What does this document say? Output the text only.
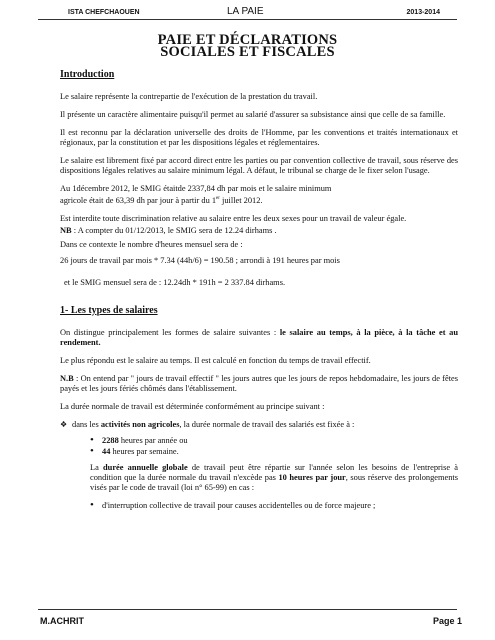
ISTA CHEFCHAOUEN	LA PAIE	2013-2014
PAIE ET DÉCLARATIONS
SOCIALES ET FISCALES
Introduction

Le salaire représente la contrepartie de l'exécution de la prestation du travail.

Il présente un caractère alimentaire puisqu'il permet au salarié d'assurer sa subsistance ainsi que celle de sa famille.

Il est reconnu par la déclaration universelle des droits de l'Homme, par les conventions et traités internationaux et régionaux, par la constitution et par les dispositions légales et réglementaires.

Le salaire est librement fixé par accord direct entre les parties ou par convention collective de travail, sous réserve des dispositions légales relatives au salaire minimum légal. A défaut, le tribunal se charge de le fixer selon l'usage.

Au 1décembre 2012, le SMIG étaitde 2337,84 dh par mois et le salaire minimum
agricole était de 63,39 dh par jour à partir du 1er juillet 2012.

Est interdite toute discrimination relative au salaire entre les deux sexes pour un travail de valeur égale.

NB : A compter du 01/12/2013, le SMIG sera de 12.24 dirhams .

Dans ce contexte le nombre d'heures mensuel sera de :

26 jours de travail par mois * 7.34 (44h/6) = 190.58 ; arrondi à 191 heures par mois

et le SMIG mensuel sera de : 12.24dh * 191h = 2 337.84 dirhams.

1- Les types de salaires

On distingue principalement les formes de salaire suivantes : le salaire au temps, à la pièce, à la tâche et au rendement.

Le plus répondu est le salaire au temps. Il est calculé en fonction du temps de travail effectif.

N.B : On entend par " jours de travail effectif " les jours autres que les jours de repos hebdomadaire, les jours de fêtes payés et les jours fériés chômés dans l'établissement.

La durée normale de travail est déterminée conformément au principe suivant :

❖ dans les activités non agricoles, la durée normale de travail des salariés est fixée à :
• 2288 heures par année ou
• 44 heures par semaine.

La durée annuelle globale de travail peut être répartie sur l'année selon les besoins de l'entreprise à condition que la durée normale du travail n'excède pas 10 heures par jour, sous réserve des prolongements visés par le code de travail (loi n° 65-99) en cas :

• d'interruption collective de travail pour causes accidentelles ou de force majeure ;
M.ACHRIT	Page 1
